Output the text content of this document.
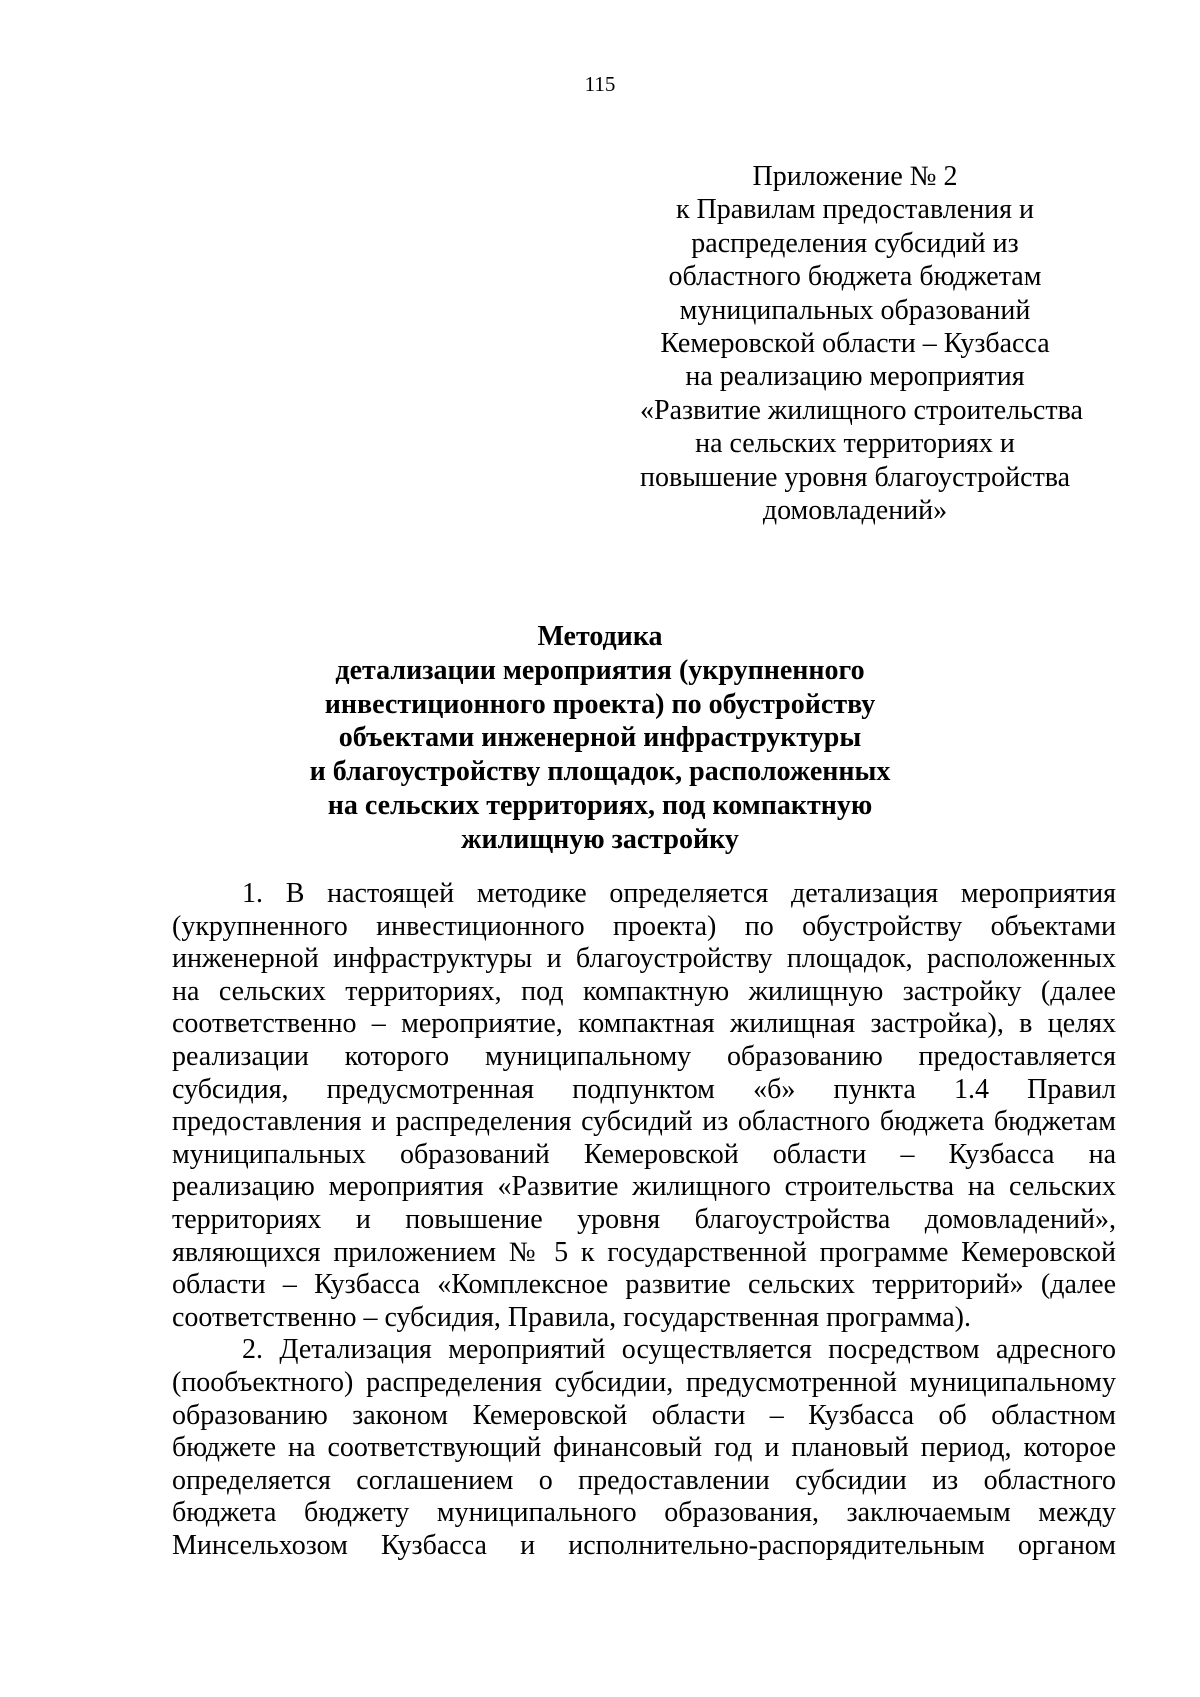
115
Приложение № 2
к Правилам предоставления и
распределения субсидий из
областного бюджета бюджетам
муниципальных образований
Кемеровской области – Кузбасса
на реализацию мероприятия
«Развитие жилищного строительства
на сельских территориях и
повышение уровня благоустройства
домовладений»
Методика
детализации мероприятия (укрупненного
инвестиционного проекта) по обустройству
объектами инженерной инфраструктуры
и благоустройству площадок, расположенных
на сельских территориях, под компактную
жилищную застройку
1. В настоящей методике определяется детализация мероприятия
(укрупненного инвестиционного проекта) по обустройству объектами
инженерной инфраструктуры и благоустройству площадок, расположенных
на сельских территориях, под компактную жилищную застройку (далее
соответственно – мероприятие, компактная жилищная застройка), в целях
реализации которого муниципальному образованию предоставляется
субсидия, предусмотренная подпунктом «б» пункта 1.4 Правил
предоставления и распределения субсидий из областного бюджета бюджетам
муниципальных образований Кемеровской области – Кузбасса на
реализацию мероприятия «Развитие жилищного строительства на сельских
территориях и повышение уровня благоустройства домовладений»,
являющихся приложением № 5 к государственной программе Кемеровской
области – Кузбасса «Комплексное развитие сельских территорий» (далее
соответственно – субсидия, Правила, государственная программа).
2. Детализация мероприятий осуществляется посредством адресного
(пообъектного) распределения субсидии, предусмотренной муниципальному
образованию законом Кемеровской области – Кузбасса об областном
бюджете на соответствующий финансовый год и плановый период, которое
определяется соглашением о предоставлении субсидии из областного
бюджета бюджету муниципального образования, заключаемым между
Минсельхозом Кузбасса и исполнительно-распорядительным органом
